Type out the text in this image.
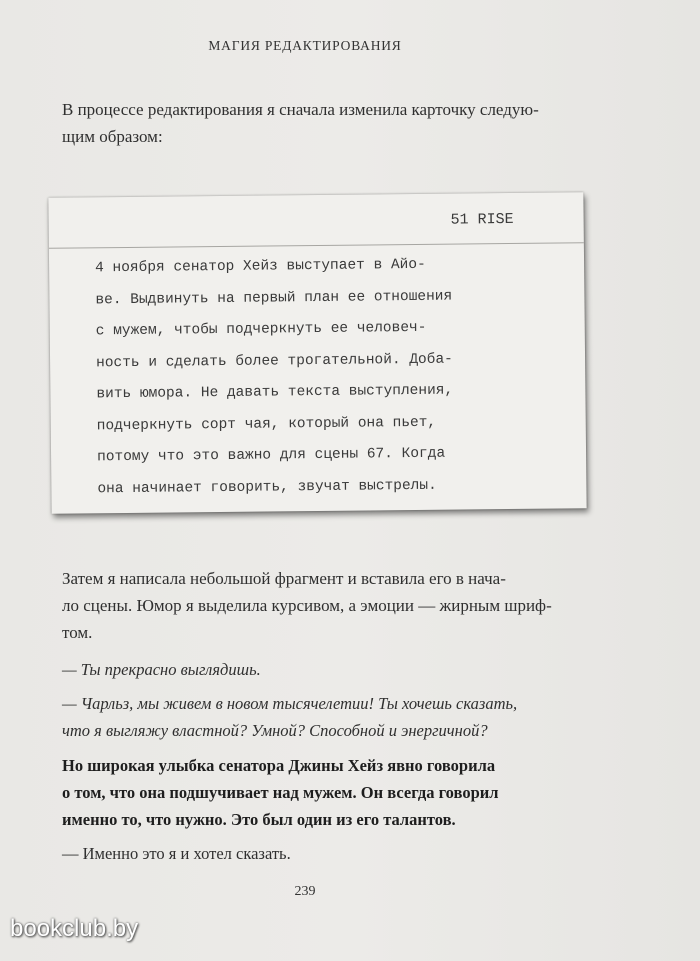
МАГИЯ РЕДАКТИРОВАНИЯ

В процессе редактирования я сначала изменила карточку следую-
щим образом:

51 RISE

4 ноября сенатор Хейз выступает в Айо-
ве. Выдвинуть на первый план ее отношения
с мужем, чтобы подчеркнуть ее человеч-
ность и сделать более трогательной. Доба-
вить юмора. Не давать текста выступления,
подчеркнуть сорт чая, который она пьет,
потому что это важно для сцены 67. Когда
она начинает говорить, звучат выстрелы.

Затем я написала небольшой фрагмент и вставила его в нача-
ло сцены. Юмор я выделила курсивом, а эмоции — жирным шриф-
том.

— Ты прекрасно выглядишь.

— Чарльз, мы живем в новом тысячелетии! Ты хочешь сказать,
что я выгляжу властной? Умной? Способной и энергичной?

Но широкая улыбка сенатора Джины Хейз явно говорила
о том, что она подшучивает над мужем. Он всегда говорил
именно то, что нужно. Это был один из его талантов.

— Именно это я и хотел сказать.

239
bookclub.by
